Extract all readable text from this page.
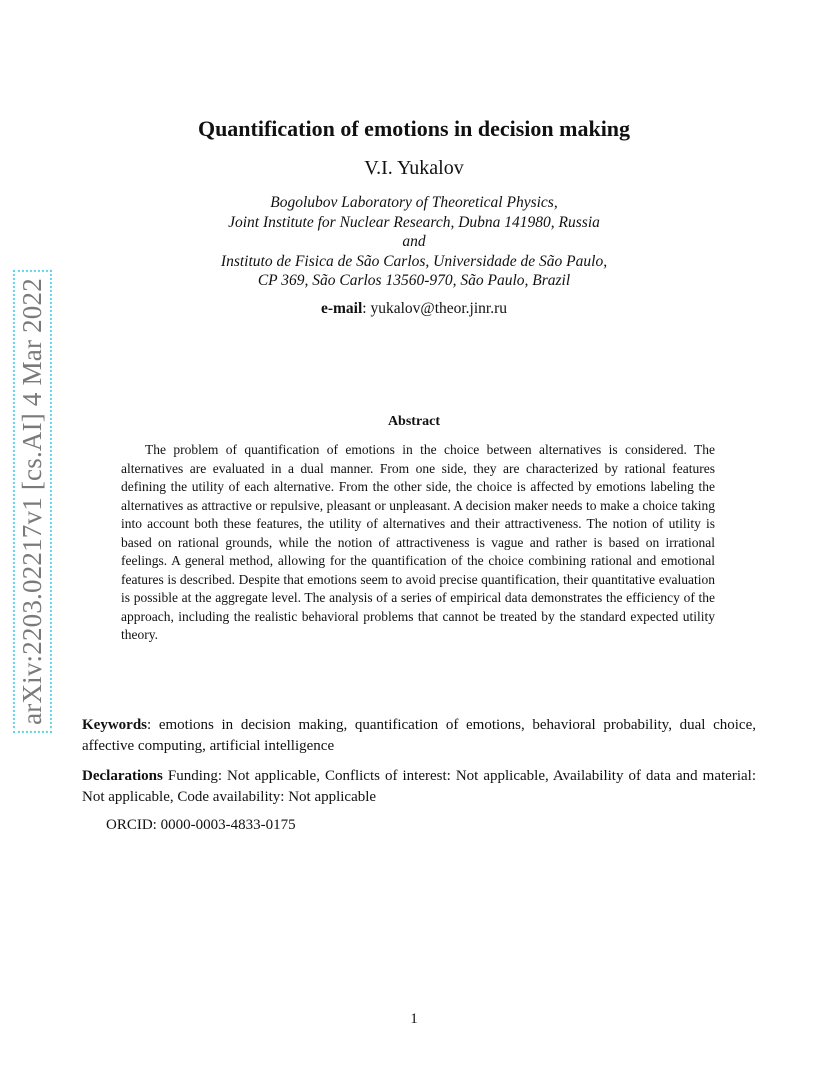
arXiv:2203.02217v1 [cs.AI] 4 Mar 2022
Quantification of emotions in decision making
V.I. Yukalov
Bogolubov Laboratory of Theoretical Physics,
Joint Institute for Nuclear Research, Dubna 141980, Russia
and
Instituto de Fisica de São Carlos, Universidade de São Paulo,
CP 369, São Carlos 13560-970, São Paulo, Brazil
e-mail: yukalov@theor.jinr.ru
Abstract
The problem of quantification of emotions in the choice between alternatives is considered. The alternatives are evaluated in a dual manner. From one side, they are characterized by rational features defining the utility of each alternative. From the other side, the choice is affected by emotions labeling the alternatives as attractive or repulsive, pleasant or unpleasant. A decision maker needs to make a choice taking into account both these features, the utility of alternatives and their attractiveness. The notion of utility is based on rational grounds, while the notion of attractiveness is vague and rather is based on irrational feelings. A general method, allowing for the quantification of the choice combining rational and emotional features is described. Despite that emotions seem to avoid precise quantification, their quantitative evaluation is possible at the aggregate level. The analysis of a series of empirical data demonstrates the efficiency of the approach, including the realistic behavioral problems that cannot be treated by the standard expected utility theory.
Keywords: emotions in decision making, quantification of emotions, behavioral probability, dual choice, affective computing, artificial intelligence
Declarations Funding: Not applicable, Conflicts of interest: Not applicable, Availability of data and material: Not applicable, Code availability: Not applicable
ORCID: 0000-0003-4833-0175
1
